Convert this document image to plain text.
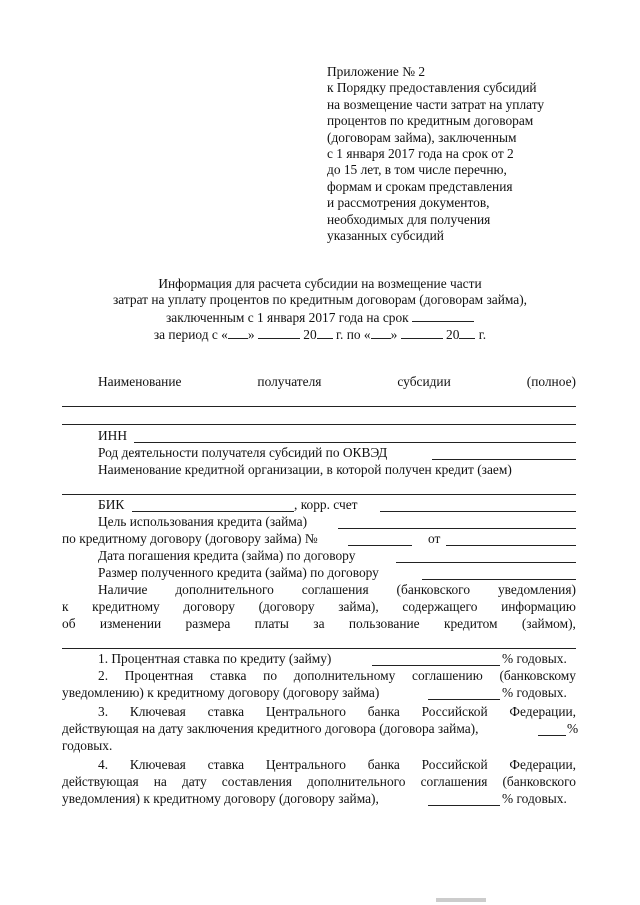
Приложение № 2
к Порядку предоставления субсидий
на возмещение части затрат на уплату
процентов по кредитным договорам
(договорам займа), заключенным
с 1 января 2017 года на срок от 2
до 15 лет, в том числе перечню,
формам и срокам представления
и рассмотрения документов,
необходимых для получения
указанных субсидий
Информация для расчета субсидии на возмещение части
затрат на уплату процентов по кредитным договорам (договорам займа),
заключенным с 1 января 2017 года на срок
за период с « »	20 г. по « »	20 г.
Наименование	получателя	субсидии	(полное)
ИНН
Род деятельности получателя субсидий по ОКВЭД
Наименование кредитной организации, в которой получен кредит (заем)
БИК	, корр. счет
Цель использования кредита (займа)
по кредитному договору (договору займа) №	от
Дата погашения кредита (займа) по договору
Размер полученного кредита (займа) по договору
Наличие дополнительного соглашения (банковского уведомления)
к кредитному договору (договору займа), содержащего информацию
об изменении размера платы за пользование кредитом (займом),
1. Процентная ставка по кредиту (займу)	% годовых.
2. Процентная ставка по дополнительному соглашению (банковскому
уведомлению) к кредитному договору (договору займа)	% годовых.
3. Ключевая ставка Центрального банка Российской Федерации,
действующая на дату заключения кредитного договора (договора займа),	%
годовых.
4. Ключевая ставка Центрального банка Российской Федерации,
действующая на дату составления дополнительного соглашения (банковского
уведомления) к кредитному договору (договору займа),	% годовых.
